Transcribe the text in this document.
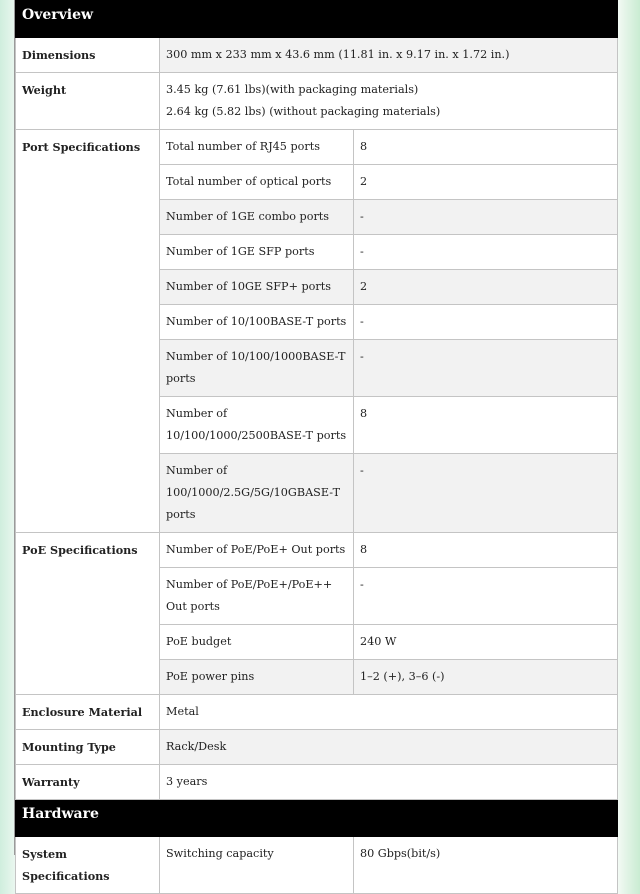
Overview		
Dimensions	300 mm x 233 mm x 43.6 mm (11.81 in. x 9.17 in. x 1.72 in.)	
Weight	3.45 kg (7.61 lbs)(with packaging materials)
2.64 kg (5.82 lbs) (without packaging materials)	

Port Specifications	Total number of RJ45 ports	8
	Total number of optical ports	2
	Number of 1GE combo ports	-
	Number of 1GE SFP ports	-
	Number of 10GE SFP+ ports	2
	Number of 10/100BASE-T ports	-
	Number of 10/100/1000BASE-T ports	-
	Number of 10/100/1000/2500BASE-T ports	8
	Number of 100/1000/2.5G/5G/10GBASE-T ports	-
PoE Specifications	Number of PoE/PoE+ Out ports	8
	Number of PoE/PoE+/PoE++ Out ports	-
	PoE budget	240 W
	PoE power pins	1–2 (+), 3–6 (-)
Enclosure Material	Metal	
Mounting Type	Rack/Desk	
Warranty	3 years	
Hardware		
System Specifications	Switching capacity	80 Gbps(bit/s)
